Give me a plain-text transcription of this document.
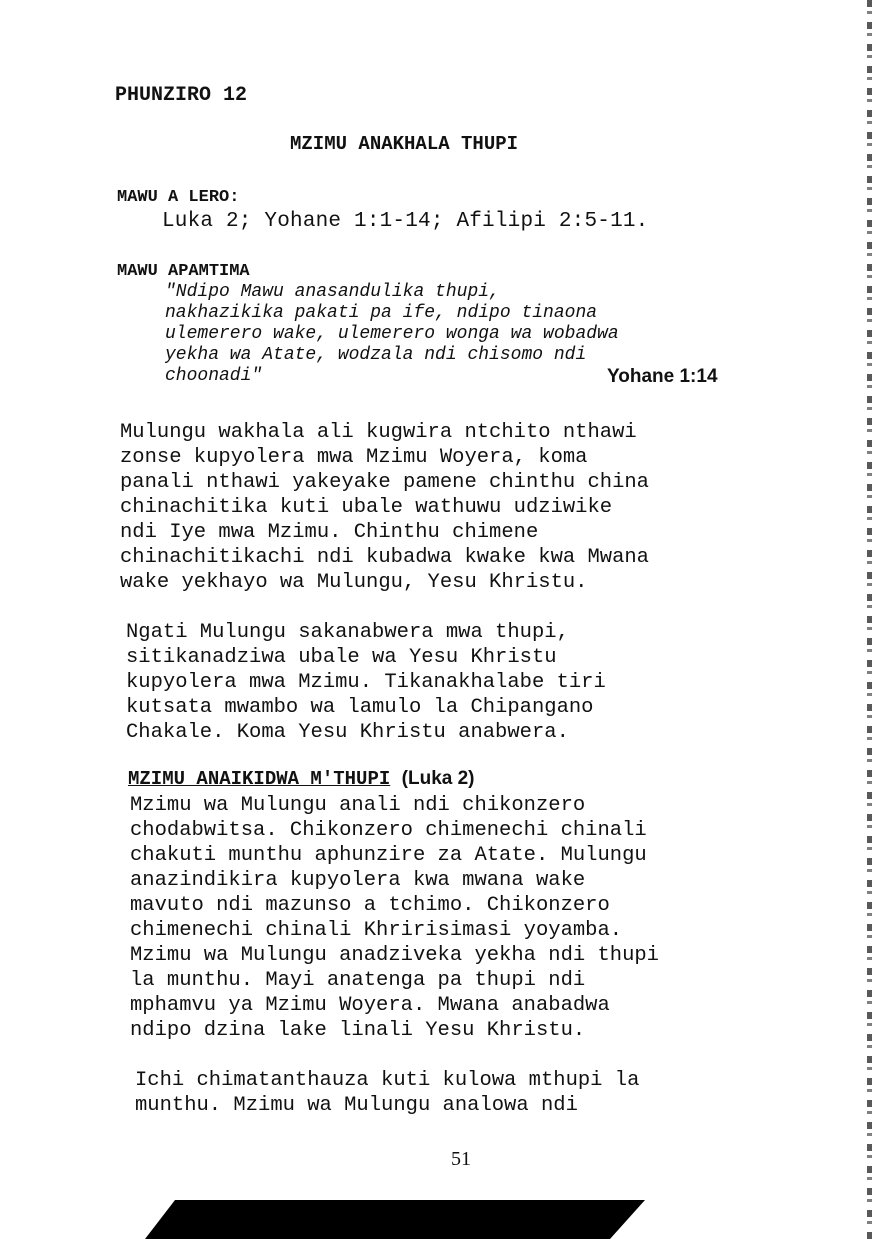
PHUNZIRO 12
MZIMU ANAKHALA THUPI
MAWU A LERO:
Luka 2; Yohane 1:1-14; Afilipi 2:5-11.
MAWU APAMTIMA
"Ndipo Mawu anasandulika thupi,
nakhazikika pakati pa ife, ndipo tinaona
ulemerero wake, ulemerero wonga wa wobadwa
yekha wa Atate, wodzala ndi chisomo ndi
choonadi"	Yohane 1:14
Mulungu wakhala ali kugwira ntchito nthawi
zonse kupyolera mwa Mzimu Woyera, koma
panali nthawi yakeyake pamene chinthu china
chinachitika kuti ubale wathuwu udziwike
ndi Iye mwa Mzimu. Chinthu chimene
chinachitikachi ndi kubadwa kwake kwa Mwana
wake yekhayo wa Mulungu, Yesu Khristu.
Ngati Mulungu sakanabwera mwa thupi,
sitikanadziwa ubale wa Yesu Khristu
kupyolera mwa Mzimu. Tikanakhalabe tiri
kutsata mwambo wa lamulo la Chipangano
Chakale. Koma Yesu Khristu anabwera.
MZIMU ANAIKIDWA M'THUPI (Luka 2)
Mzimu wa Mulungu anali ndi chikonzero
chodabwitsa. Chikonzero chimenechi chinali
chakuti munthu aphunzire za Atate. Mulungu
anazindikira kupyolera kwa mwana wake
mavuto ndi mazunso a tchimo. Chikonzero
chimenechi chinali Khririsimasi yoyamba.
Mzimu wa Mulungu anadziveka yekha ndi thupi
la munthu. Mayi anatenga pa thupi ndi
mphamvu ya Mzimu Woyera. Mwana anabadwa
ndipo dzina lake linali Yesu Khristu.
Ichi chimatanthauza kuti kulowa mthupi la
munthu. Mzimu wa Mulungu analowa ndi
51
